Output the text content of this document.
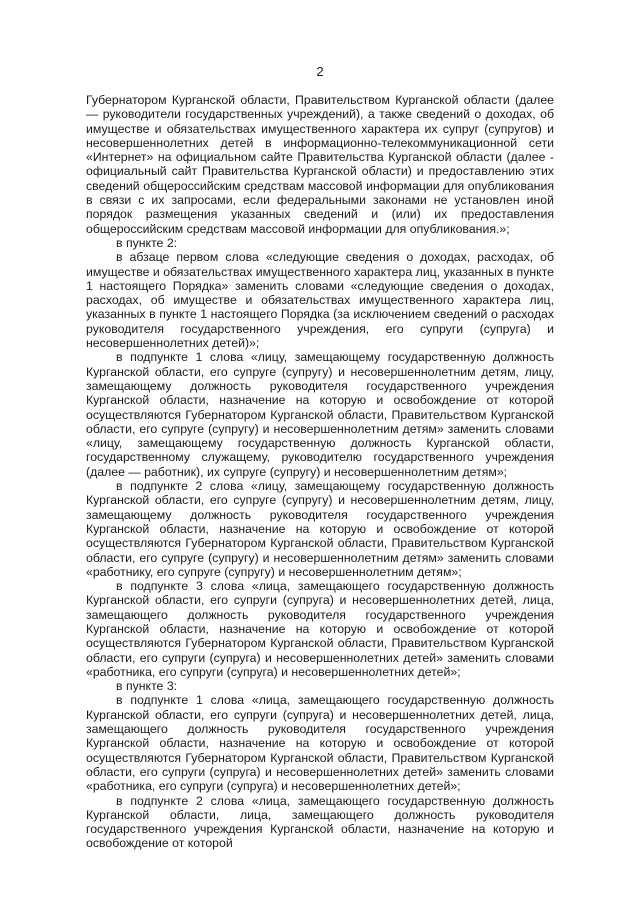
2

Губернатором Курганской области, Правительством Курганской области (далее — руководители государственных учреждений), а также сведений о доходах, об имуществе и обязательствах имущественного характера их супруг (супругов) и несовершеннолетних детей в информационно-телекоммуникационной сети «Интернет» на официальном сайте Правительства Курганской области (далее - официальный сайт Правительства Курганской области) и предоставлению этих сведений общероссийским средствам массовой информации для опубликования в связи с их запросами, если федеральными законами не установлен иной порядок размещения указанных сведений и (или) их предоставления общероссийским средствам массовой информации для опубликования.»;

в пункте 2:

в абзаце первом слова «следующие сведения о доходах, расходах, об имуществе и обязательствах имущественного характера лиц, указанных в пункте 1 настоящего Порядка» заменить словами «следующие сведения о доходах, расходах, об имуществе и обязательствах имущественного характера лиц, указанных в пункте 1 настоящего Порядка (за исключением сведений о расходах руководителя государственного учреждения, его супруги (супруга) и несовершеннолетних детей)»;

в подпункте 1 слова «лицу, замещающему государственную должность Курганской области, его супруге (супругу) и несовершеннолетним детям, лицу, замещающему должность руководителя государственного учреждения Курганской области, назначение на которую и освобождение от которой осуществляются Губернатором Курганской области, Правительством Курганской области, его супруге (супругу) и несовершеннолетним детям» заменить словами «лицу, замещающему государственную должность Курганской области, государственному служащему, руководителю государственного учреждения (далее — работник), их супруге (супругу) и несовершеннолетним детям»;

в подпункте 2 слова «лицу, замещающему государственную должность Курганской области, его супруге (супругу) и несовершеннолетним детям, лицу, замещающему должность руководителя государственного учреждения Курганской области, назначение на которую и освобождение от которой осуществляются Губернатором Курганской области, Правительством Курганской области, его супруге (супругу) и несовершеннолетним детям» заменить словами «работнику, его супруге (супругу) и несовершеннолетним детям»;

в подпункте 3 слова «лица, замещающего государственную должность Курганской области, его супруги (супруга) и несовершеннолетних детей, лица, замещающего должность руководителя государственного учреждения Курганской области, назначение на которую и освобождение от которой осуществляются Губернатором Курганской области, Правительством Курганской области, его супруги (супруга) и несовершеннолетних детей» заменить словами «работника, его супруги (супруга) и несовершеннолетних детей»;

в пункте 3:

в подпункте 1 слова «лица, замещающего государственную должность Курганской области, его супруги (супруга) и несовершеннолетних детей, лица, замещающего должность руководителя государственного учреждения Курганской области, назначение на которую и освобождение от которой осуществляются Губернатором Курганской области, Правительством Курганской области, его супруги (супруга) и несовершеннолетних детей» заменить словами «работника, его супруги (супруга) и несовершеннолетних детей»;

в подпункте 2 слова «лица, замещающего государственную должность Курганской области, лица, замещающего должность руководителя государственного учреждения Курганской области, назначение на которую и освобождение от которой
